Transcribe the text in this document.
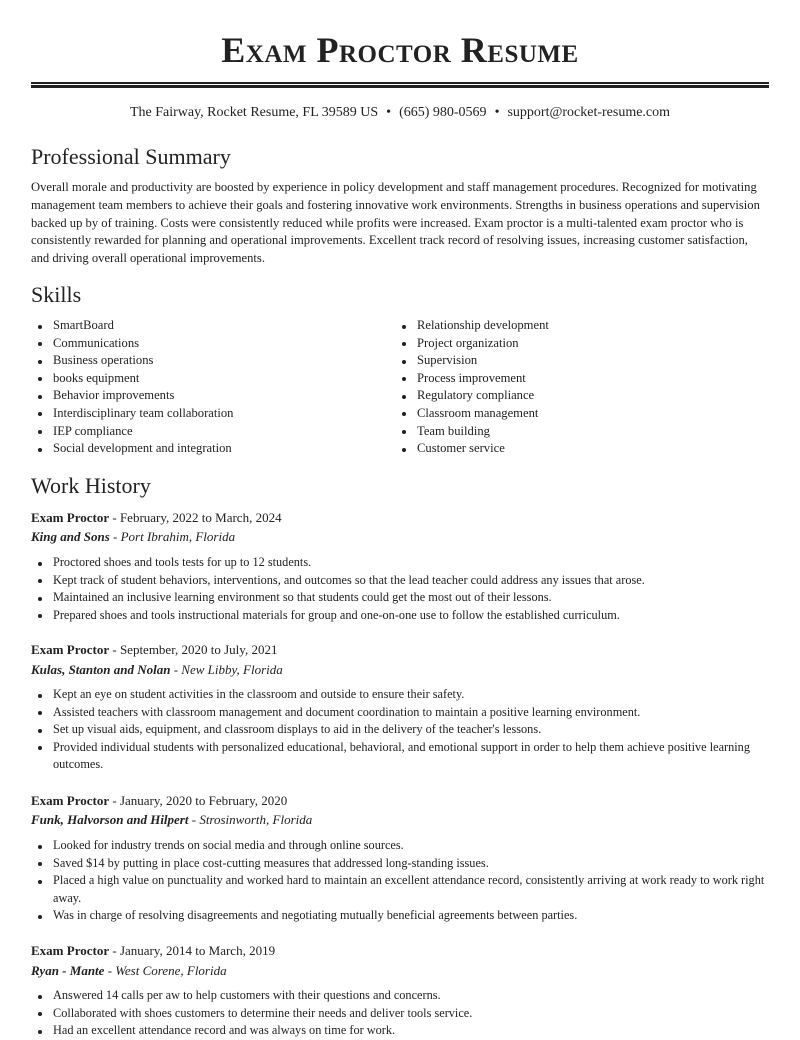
Exam Proctor Resume
The Fairway, Rocket Resume, FL 39589 US • (665) 980-0569 • support@rocket-resume.com
Professional Summary

Overall morale and productivity are boosted by experience in policy development and staff management procedures. Recognized for motivating management team members to achieve their goals and fostering innovative work environments. Strengths in business operations and supervision backed up by of training. Costs were consistently reduced while profits were increased. Exam proctor is a multi-talented exam proctor who is consistently rewarded for planning and operational improvements. Excellent track record of resolving issues, increasing customer satisfaction, and driving overall operational improvements.

Skills
SmartBoard
Communications
Business operations
books equipment
Behavior improvements
Interdisciplinary team collaboration
IEP compliance
Social development and integration
Relationship development
Project organization
Supervision
Process improvement
Regulatory compliance
Classroom management
Team building
Customer service
Work History
Exam Proctor - February, 2022 to March, 2024
King and Sons - Port Ibrahim, Florida
Proctored shoes and tools tests for up to 12 students.
Kept track of student behaviors, interventions, and outcomes so that the lead teacher could address any issues that arose.
Maintained an inclusive learning environment so that students could get the most out of their lessons.
Prepared shoes and tools instructional materials for group and one-on-one use to follow the established curriculum.
Exam Proctor - September, 2020 to July, 2021
Kulas, Stanton and Nolan - New Libby, Florida
Kept an eye on student activities in the classroom and outside to ensure their safety.
Assisted teachers with classroom management and document coordination to maintain a positive learning environment.
Set up visual aids, equipment, and classroom displays to aid in the delivery of the teacher's lessons.
Provided individual students with personalized educational, behavioral, and emotional support in order to help them achieve positive learning outcomes.
Exam Proctor - January, 2020 to February, 2020
Funk, Halvorson and Hilpert - Strosinworth, Florida
Looked for industry trends on social media and through online sources.
Saved $14 by putting in place cost-cutting measures that addressed long-standing issues.
Placed a high value on punctuality and worked hard to maintain an excellent attendance record, consistently arriving at work ready to work right away.
Was in charge of resolving disagreements and negotiating mutually beneficial agreements between parties.
Exam Proctor - January, 2014 to March, 2019
Ryan - Mante - West Corene, Florida
Answered 14 calls per aw to help customers with their questions and concerns.
Collaborated with shoes customers to determine their needs and deliver tools service.
Had an excellent attendance record and was always on time for work.
